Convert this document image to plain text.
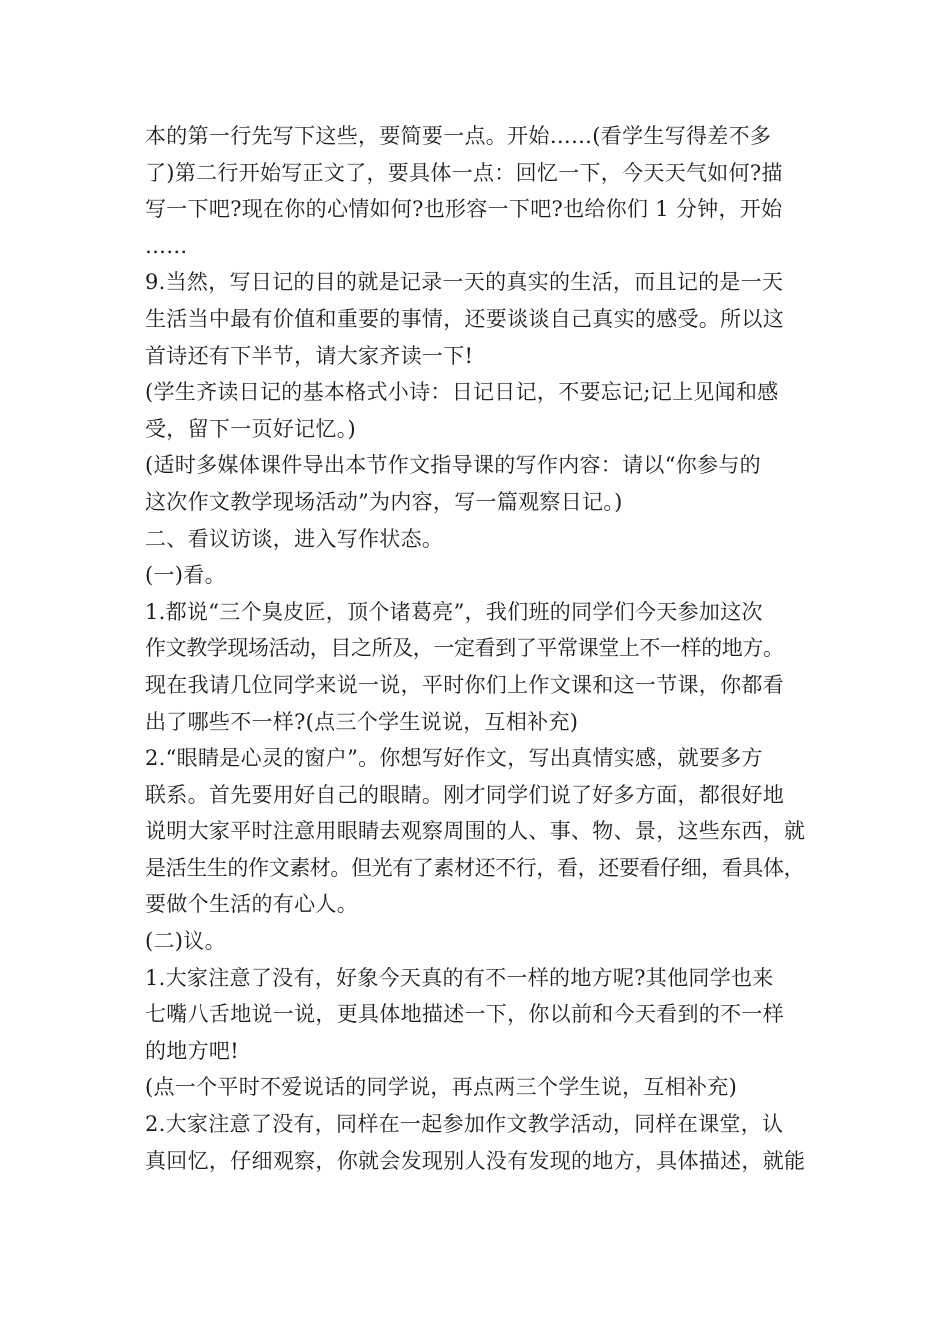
本的第一行先写下这些，要简要一点。开始……(看学生写得差不多
了)第二行开始写正文了，要具体一点：回忆一下，今天天气如何?描
写一下吧?现在你的心情如何?也形容一下吧?也给你们 1 分钟，开始
……
9.当然，写日记的目的就是记录一天的真实的生活，而且记的是一天
生活当中最有价值和重要的事情，还要谈谈自己真实的感受。所以这
首诗还有下半节，请大家齐读一下!
(学生齐读日记的基本格式小诗：日记日记，不要忘记;记上见闻和感
受，留下一页好记忆。)
(适时多媒体课件导出本节作文指导课的写作内容：请以“你参与的
这次作文教学现场活动”为内容，写一篇观察日记。)
二、看议访谈，进入写作状态。
(一)看。
1.都说“三个臭皮匠，顶个诸葛亮”，我们班的同学们今天参加这次
作文教学现场活动，目之所及，一定看到了平常课堂上不一样的地方。
现在我请几位同学来说一说，平时你们上作文课和这一节课，你都看
出了哪些不一样?(点三个学生说说，互相补充)
2.“眼睛是心灵的窗户”。你想写好作文，写出真情实感，就要多方
联系。首先要用好自己的眼睛。刚才同学们说了好多方面，都很好地
说明大家平时注意用眼睛去观察周围的人、事、物、景，这些东西，就
是活生生的作文素材。但光有了素材还不行，看，还要看仔细，看具体，
要做个生活的有心人。
(二)议。
1.大家注意了没有，好象今天真的有不一样的地方呢?其他同学也来
七嘴八舌地说一说，更具体地描述一下，你以前和今天看到的不一样
的地方吧!
(点一个平时不爱说话的同学说，再点两三个学生说，互相补充)
2.大家注意了没有，同样在一起参加作文教学活动，同样在课堂，认
真回忆，仔细观察，你就会发现别人没有发现的地方，具体描述，就能
